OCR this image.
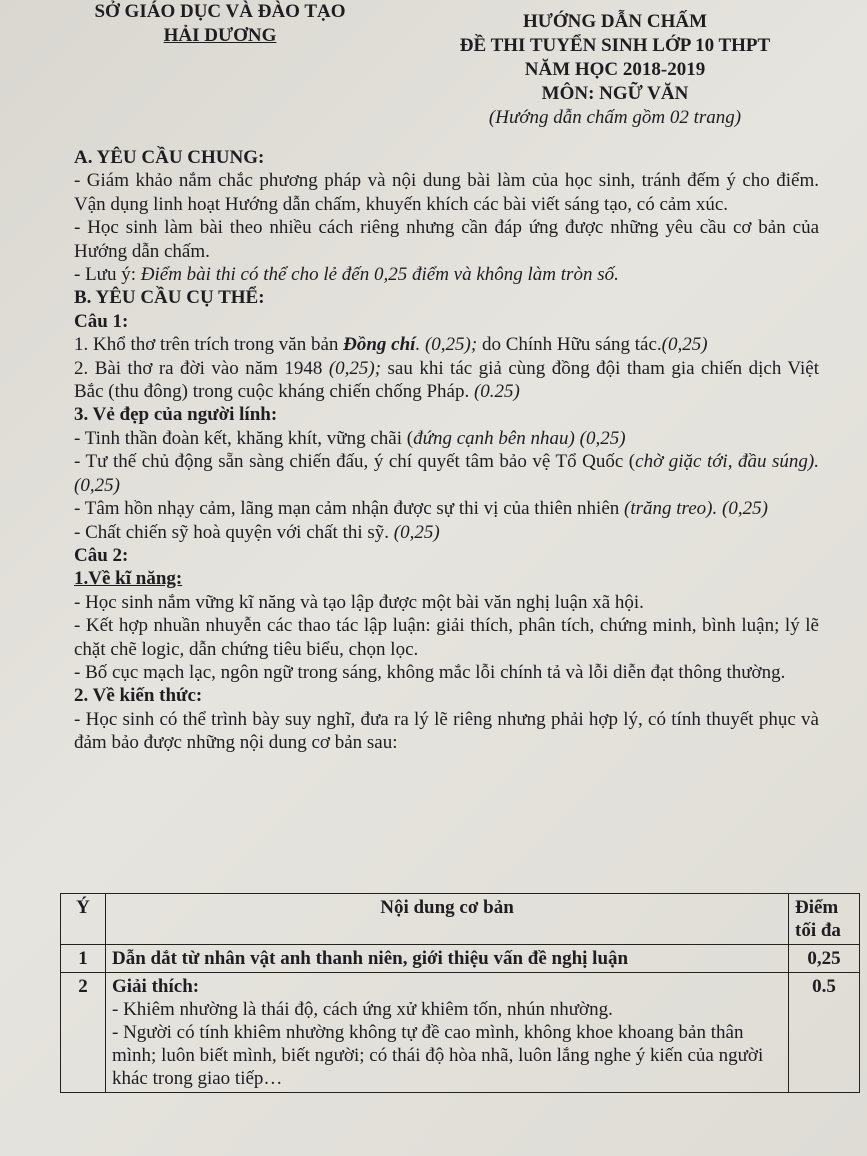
SỞ GIÁO DỤC VÀ ĐÀO TẠO
HẢI DƯƠNG
HƯỚNG DẪN CHẤM
ĐỀ THI TUYỂN SINH LỚP 10 THPT
NĂM HỌC 2018-2019
MÔN: NGỮ VĂN
(Hướng dẫn chấm gồm 02 trang)

A. YÊU CẦU CHUNG:

- Giám khảo nắm chắc phương pháp và nội dung bài làm của học sinh, tránh đếm ý cho điểm. Vận dụng linh hoạt Hướng dẫn chấm, khuyến khích các bài viết sáng tạo, có cảm xúc.

- Học sinh làm bài theo nhiều cách riêng nhưng cần đáp ứng được những yêu cầu cơ bản của Hướng dẫn chấm.

- Lưu ý: Điểm bài thi có thể cho lẻ đến 0,25 điểm và không làm tròn số.

B. YÊU CẦU CỤ THỂ:

Câu 1:

1. Khổ thơ trên trích trong văn bản Đồng chí. (0,25); do Chính Hữu sáng tác.(0,25)

2. Bài thơ ra đời vào năm 1948 (0,25); sau khi tác giả cùng đồng đội tham gia chiến dịch Việt Bắc (thu đông) trong cuộc kháng chiến chống Pháp. (0.25)

3. Vẻ đẹp của người lính:

- Tinh thần đoàn kết, khăng khít, vững chãi (đứng cạnh bên nhau) (0,25)

- Tư thế chủ động sẵn sàng chiến đấu, ý chí quyết tâm bảo vệ Tổ Quốc (chờ giặc tới, đầu súng). (0,25)

- Tâm hồn nhạy cảm, lãng mạn cảm nhận được sự thi vị của thiên nhiên (trăng treo). (0,25)

- Chất chiến sỹ hoà quyện với chất thi sỹ. (0,25)

Câu 2:

1.Về kĩ năng:

- Học sinh nắm vững kĩ năng và tạo lập được một bài văn nghị luận xã hội.

- Kết hợp nhuần nhuyễn các thao tác lập luận: giải thích, phân tích, chứng minh, bình luận; lý lẽ chặt chẽ logic, dẫn chứng tiêu biểu, chọn lọc.

- Bố cục mạch lạc, ngôn ngữ trong sáng, không mắc lỗi chính tả và lỗi diễn đạt thông thường.

2. Về kiến thức:

- Học sinh có thể trình bày suy nghĩ, đưa ra lý lẽ riêng nhưng phải hợp lý, có tính thuyết phục và đảm bảo được những nội dung cơ bản sau:

Ý	Nội dung cơ bản	Điểm tối đa
1	Dẫn dắt từ nhân vật anh thanh niên, giới thiệu vấn đề nghị luận	0,25
2	Giải thích:
- Khiêm nhường là thái độ, cách ứng xử khiêm tốn, nhún nhường.
- Người có tính khiêm nhường không tự đề cao mình, không khoe khoang bản thân mình; luôn biết mình, biết người; có thái độ hòa nhã, luôn lắng nghe ý kiến của người khác trong giao tiếp…	0.5
